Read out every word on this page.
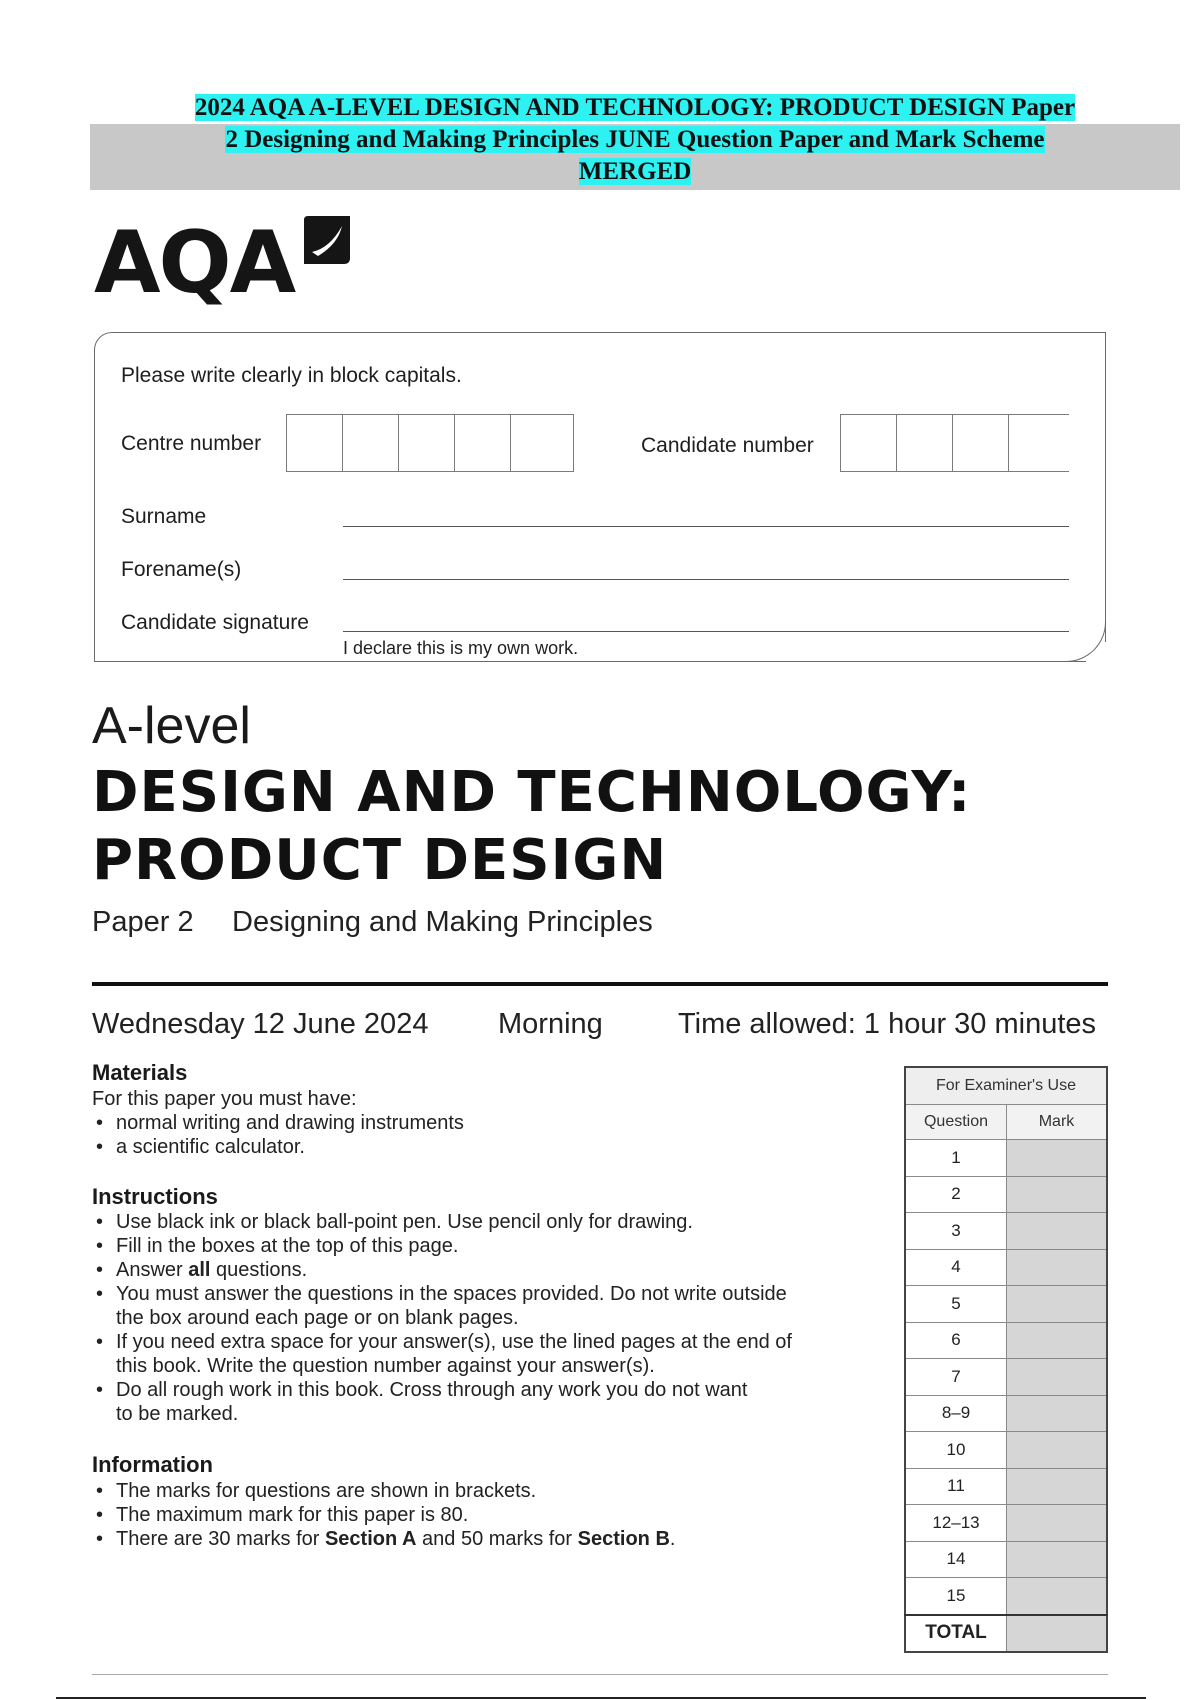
2024 AQA A-LEVEL DESIGN AND TECHNOLOGY: PRODUCT DESIGN Paper
2 Designing and Making Principles JUNE Question Paper and Mark Scheme
MERGED
AQA
Please write clearly in block capitals.
Centre number	Candidate number
Surname
Forename(s)
Candidate signature
I declare this is my own work.
A-level
DESIGN AND TECHNOLOGY:
PRODUCT DESIGN
Paper 2 Designing and Making Principles
Wednesday 12 June 2024 Morning	Time allowed: 1 hour 30 minutes
Materials
For this paper you must have:
• normal writing and drawing instruments
• a scientific calculator.
Instructions
• Use black ink or black ball-point pen. Use pencil only for drawing.
• Fill in the boxes at the top of this page.
• Answer all questions.
• You must answer the questions in the spaces provided. Do not write outside
the box around each page or on blank pages.
• If you need extra space for your answer(s), use the lined pages at the end of
this book. Write the question number against your answer(s).
• Do all rough work in this book. Cross through any work you do not want
to be marked.
Information
• The marks for questions are shown in brackets.
• The maximum mark for this paper is 80.
• There are 30 marks for Section A and 50 marks for Section B.
For Examiner's Use	
Question	Mark
1	
2	
3	
4	
5	
6	
7	
8–9	
10	
11	
12–13	
14	
15	
TOTAL	
